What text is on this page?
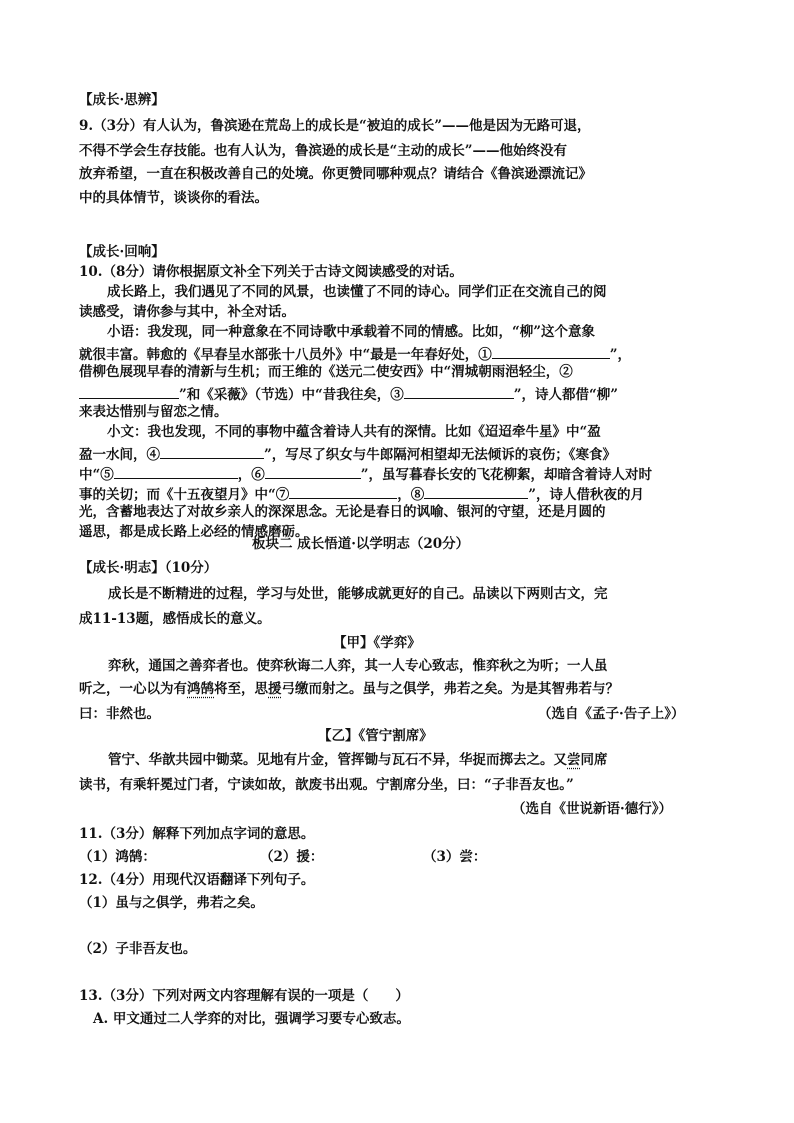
【成长·思辨】
9.（3分）有人认为，鲁滨逊在荒岛上的成长是“被迫的成长”——他是因为无路可退，
不得不学会生存技能。也有人认为，鲁滨逊的成长是“主动的成长”——他始终没有
放弃希望，一直在积极改善自己的处境。你更赞同哪种观点？请结合《鲁滨逊漂流记》
中的具体情节，谈谈你的看法。
【成长·回响】
10.（8分）请你根据原文补全下列关于古诗文阅读感受的对话。
成长路上，我们遇见了不同的风景，也读懂了不同的诗心。同学们正在交流自己的阅
读感受，请你参与其中，补全对话。
小语：我发现，同一种意象在不同诗歌中承载着不同的情感。比如，“柳”这个意象
就很丰富。韩愈的《早春呈水部张十八员外》中“最是一年春好处，①	”，
借柳色展现早春的清新与生机；而王维的《送元二使安西》中“渭城朝雨浥轻尘，②
”和《采薇》（节选）中“昔我往矣，③	”，诗人都借“柳”
来表达惜别与留恋之情。
小文：我也发现，不同的事物中蕴含着诗人共有的深情。比如《迢迢牵牛星》中“盈
盈一水间，④	”，写尽了织女与牛郎隔河相望却无法倾诉的哀伤；《寒食》
中“⑤	，⑥	”，虽写暮春长安的飞花柳絮，却暗含着诗人对时
事的关切；而《十五夜望月》中“⑦	，⑧	”，诗人借秋夜的月
光，含蓄地表达了对故乡亲人的深深思念。无论是春日的讽喻、银河的守望，还是月圆的
遥思，都是成长路上必经的情感磨砺。
板块二 成长悟道·以学明志（20分）
【成长·明志】（10分）
成长是不断精进的过程，学习与处世，能够成就更好的自己。品读以下两则古文，完
成11-13题，感悟成长的意义。
【甲】《学弈》
弈秋，通国之善弈者也。使弈秋诲二人弈，其一人专心致志，惟弈秋之为听；一人虽
听之，一心以为有鸿鹄将至，思援弓缴而射之。虽与之俱学，弗若之矣。为是其智弗若与？
曰：非然也。	（选自《孟子·告子上》）
【乙】《管宁割席》
管宁、华歆共园中锄菜。见地有片金，管挥锄与瓦石不异，华捉而掷去之。又尝同席
读书，有乘轩冕过门者，宁读如故，歆废书出观。宁割席分坐，曰：“子非吾友也。”
（选自《世说新语·德行》）
11.（3分）解释下列加点字词的意思。
（1）鸿鹄：	（2）援：	（3）尝：
12.（4分）用现代汉语翻译下列句子。
（1）虽与之俱学，弗若之矣。
（2）子非吾友也。
13.（3分）下列对两文内容理解有误的一项是（　　）
A. 甲文通过二人学弈的对比，强调学习要专心致志。
